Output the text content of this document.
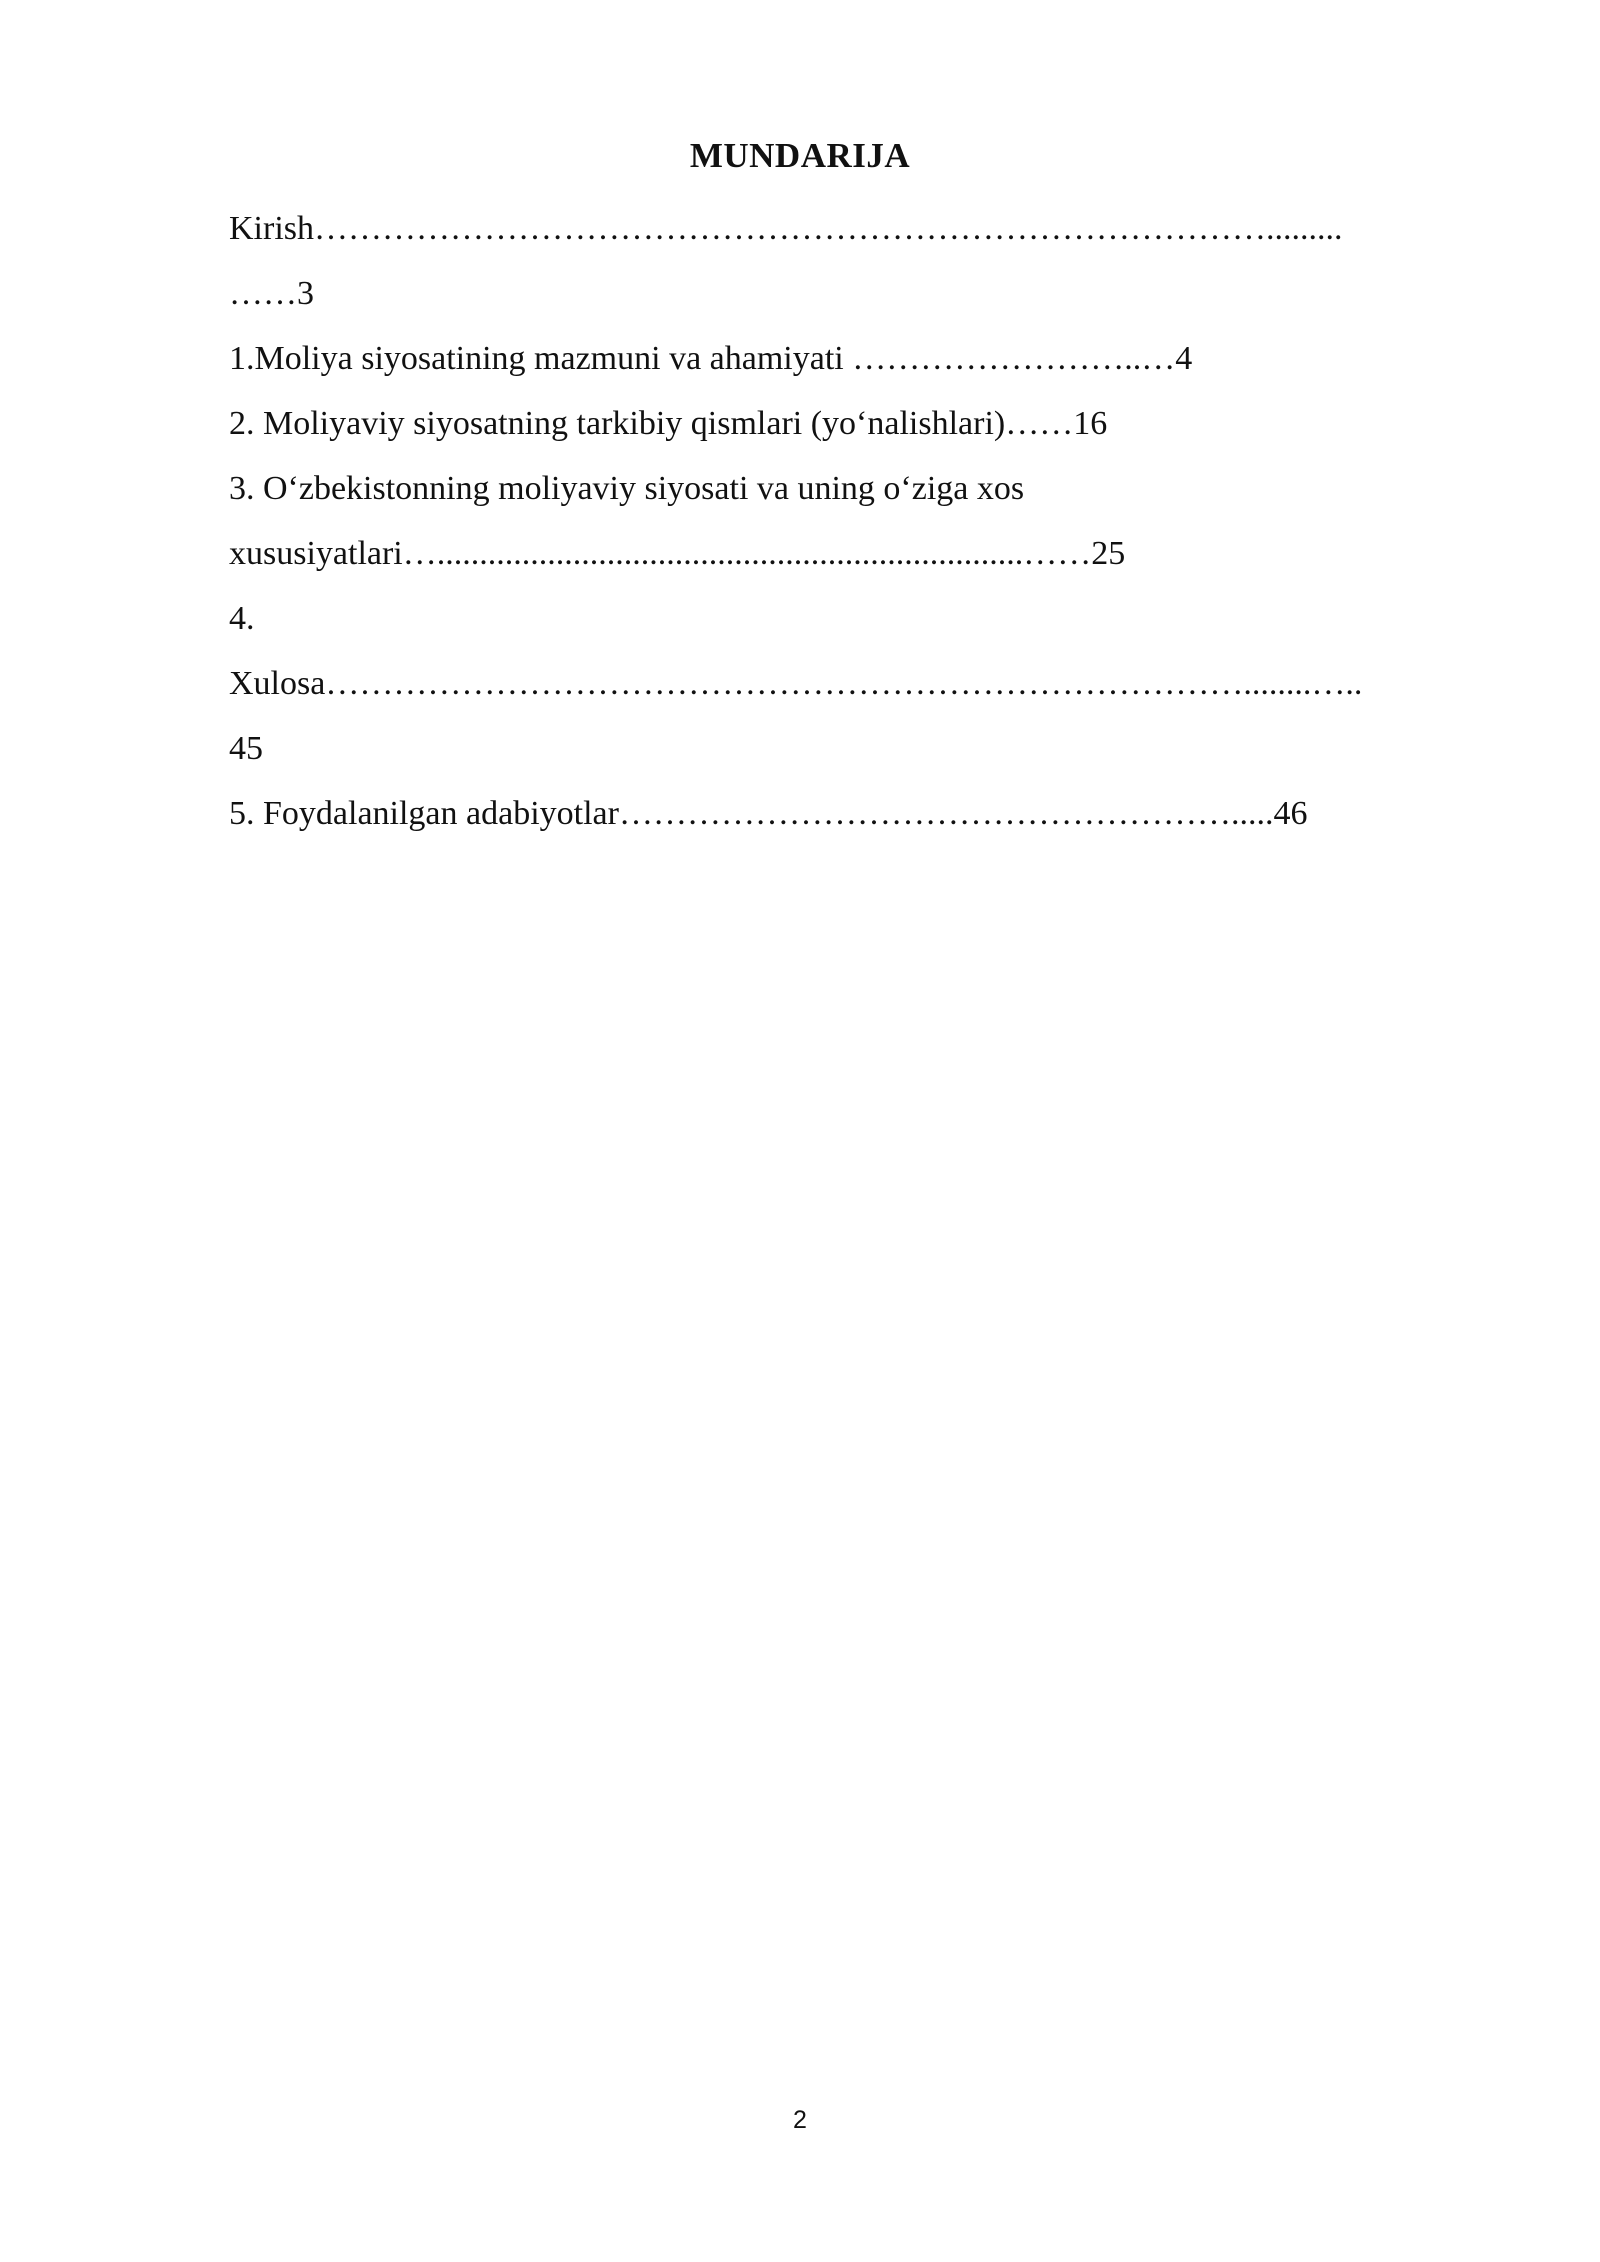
MUNDARIJA
Kirish………………………………………………………………………….........
……3
1.Moliya siyosatining mazmuni va ahamiyati ……………………..…4
2. Moliyaviy siyosatning tarkibiy qismlari (yo‘nalishlari)……16
3. O‘zbekistonning moliyaviy siyosati va uning o‘ziga xos
xususiyatlari….....................................................................……25
4.
Xulosa………………………………………………………………………........…..
45
5. Foydalanilgan adabiyotlar……………………………………………….....46
2
